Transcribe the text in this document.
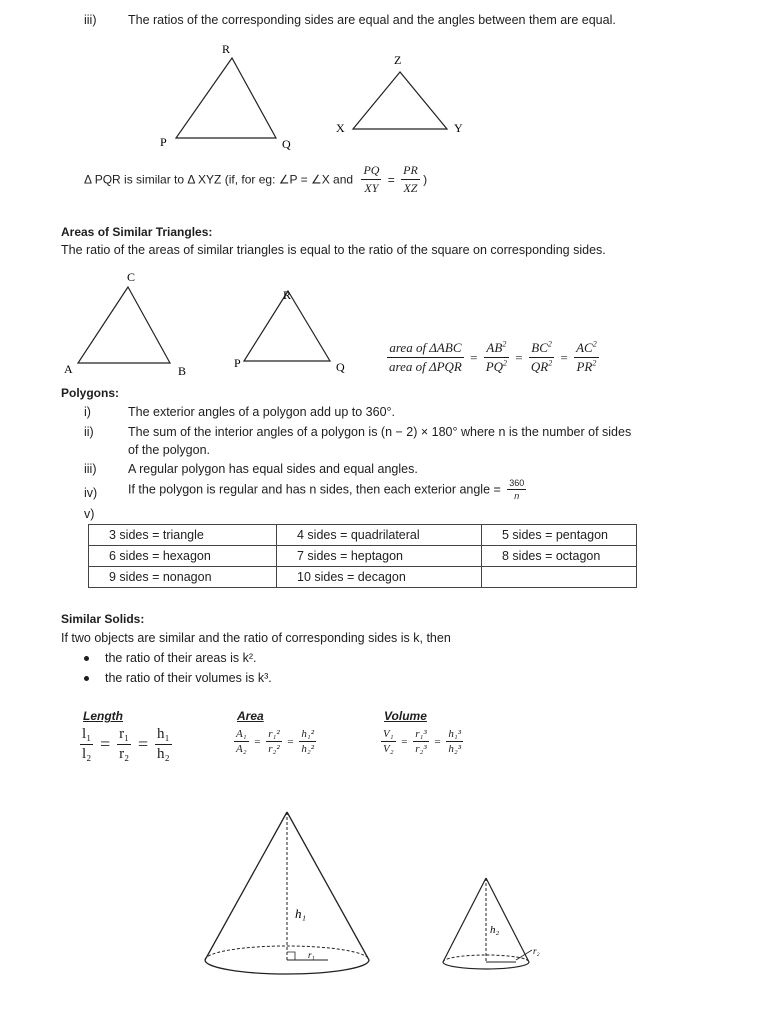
iii)	The ratios of the corresponding sides are equal and the angles between them are equal.
R
P	Q
Z
X	Y
Δ PQR is similar to Δ XYZ (if, for eg: ∠P = ∠X and $\frac{PQ}{XY} = \frac{PR}{XZ}$ )
Areas of Similar Triangles:
The ratio of the areas of similar triangles is equal to the ratio of the square on corresponding sides.
C
A	B
R
P	Q	$\frac{\text{area of ΔABC}}{\text{area of ΔPQR}} = \frac{AB^2}{PQ^2} = \frac{BC^2}{QR^2} = \frac{AC^2}{PR^2}$
Polygons:
i)	The exterior angles of a polygon add up to 360°.
ii)	The sum of the interior angles of a polygon is (n − 2) × 180° where n is the number of sides
of the polygon.
iii)	A regular polygon has equal sides and equal angles.
iv) If the polygon is regular and has n sides, then each exterior angle = $\frac{360}{n}$
v)
3 sides = triangle	4 sides = quadrilateral	5 sides = pentagon
6 sides = hexagon	7 sides = heptagon	8 sides = octagon
9 sides = nonagon	10 sides = decagon	
Similar Solids:
If two objects are similar and the ratio of corresponding sides is k, then
the ratio of their areas is k².
the ratio of their volumes is k³.
Length
$\frac{\text{l₁}}{\text{l₂}} = \frac{\text{r₁}}{\text{r₂}} = \frac{\text{h₁}}{\text{h₂}}$
Area
$\frac{\text{A₁}}{\text{A₂}} = \frac{\text{r₁²}}{\text{r₂²}} = \frac{\text{h₁²}}{\text{h₂²}}$
Volume
$\frac{\text{V₁}}{\text{V₂}} = \frac{\text{r₁³}}{\text{r₂³}} = \frac{\text{h₁³}}{\text{h₂³}}$
h₁
r₁
h₂
r₂
